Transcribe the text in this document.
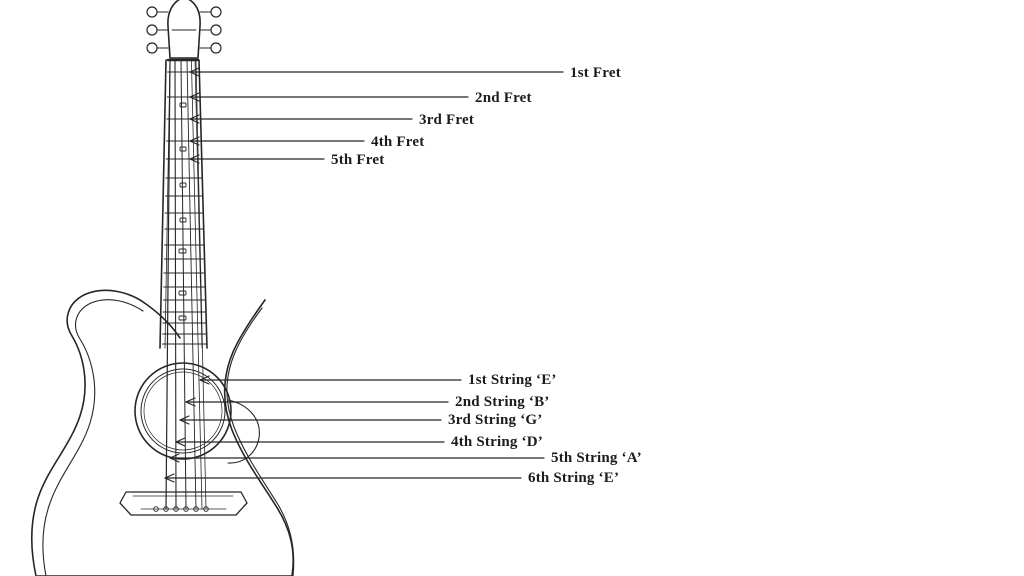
1st Fret
2nd Fret
3rd Fret
4th Fret
5th Fret
1st String ‘E’
2nd String ‘B’
3rd String ‘G’
4th String ‘D’
5th String ‘A’
6th String ‘E’
